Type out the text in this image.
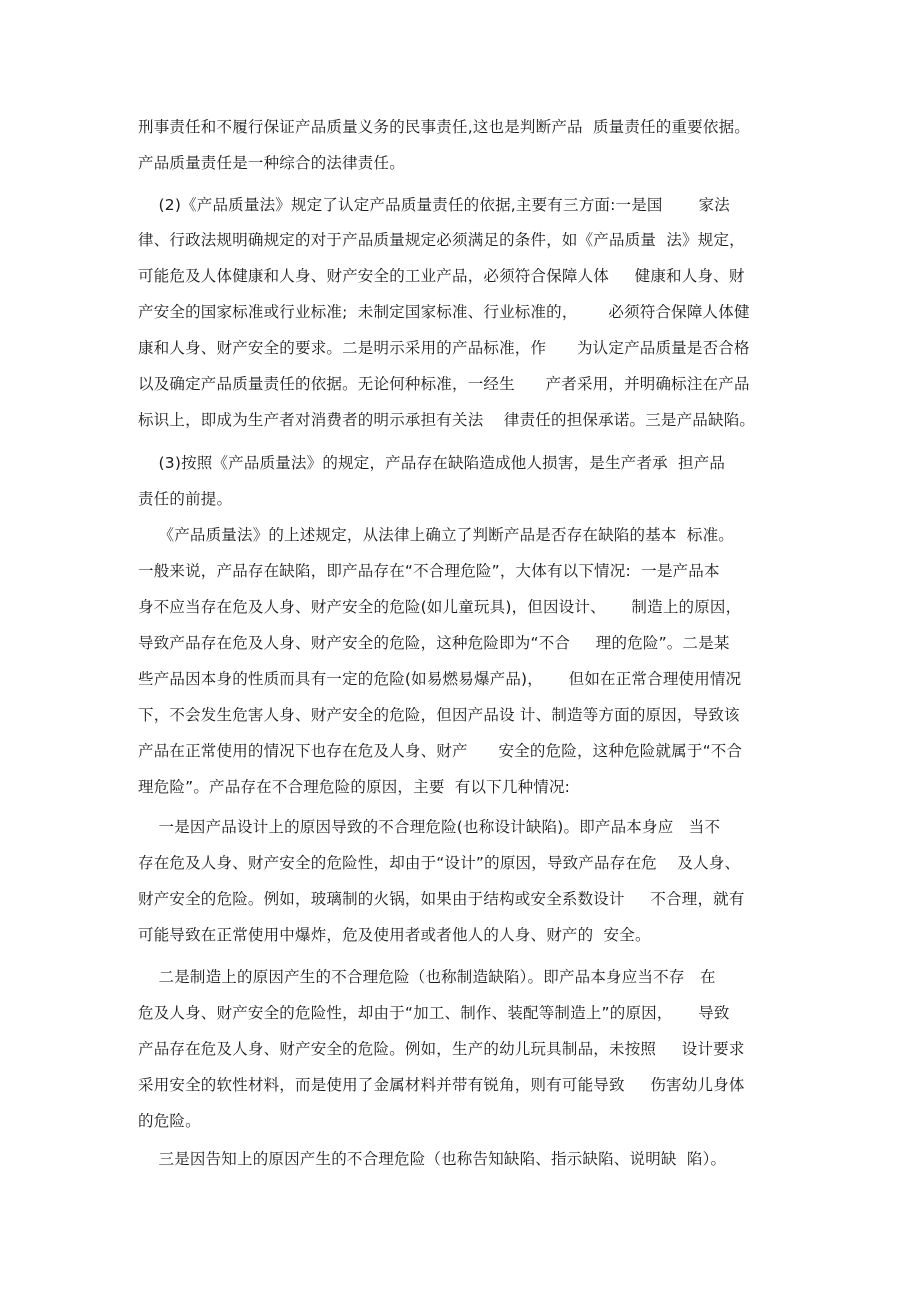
刑事责任和不履行保证产品质量义务的民事责任,这也是判断产品  质量责任的重要依据。
产品质量责任是一种综合的法律责任。
(2)《产品质量法》规定了认定产品质量责任的依据,主要有三方面:一是国       家法
律、行政法规明确规定的对于产品质量规定必须满足的条件，如《产品质量  法》规定，
可能危及人体健康和人身、财产安全的工业产品，必须符合保障人体     健康和人身、财
产安全的国家标准或行业标准;  未制定国家标准、行业标准的，      必须符合保障人体健
康和人身、财产安全的要求。二是明示采用的产品标准，作      为认定产品质量是否合格
以及确定产品质量责任的依据。无论何种标准，一经生      产者采用，并明确标注在产品
标识上，即成为生产者对消费者的明示承担有关法    律责任的担保承诺。三是产品缺陷。
(3)按照《产品质量法》的规定，产品存在缺陷造成他人损害，是生产者承  担产品
责任的前提。
《产品质量法》的上述规定，从法律上确立了判断产品是否存在缺陷的基本  标准。
一般来说，产品存在缺陷，即产品存在“不合理危险”，大体有以下情况:  一是产品本
身不应当存在危及人身、财产安全的危险(如儿童玩具)，但因设计、     制造上的原因，
导致产品存在危及人身、财产安全的危险，这种危险即为“不合     理的危险”。二是某
些产品因本身的性质而具有一定的危险(如易燃易爆产品)，     但如在正常合理使用情况
下，不会发生危害人身、财产安全的危险，但因产品设 计、制造等方面的原因，导致该
产品在正常使用的情况下也存在危及人身、财产      安全的危险，这种危险就属于“不合
理危险”。产品存在不合理危险的原因，主要  有以下几种情况:
一是因产品设计上的原因导致的不合理危险(也称设计缺陷)。即产品本身应   当不
存在危及人身、财产安全的危险性，却由于“设计”的原因，导致产品存在危    及人身、
财产安全的危险。例如，玻璃制的火锅，如果由于结构或安全系数设计     不合理，就有
可能导致在正常使用中爆炸，危及使用者或者他人的人身、财产的  安全。
二是制造上的原因产生的不合理危险（也称制造缺陷）。即产品本身应当不存   在
危及人身、财产安全的危险性，却由于“加工、制作、装配等制造上”的原因，     导致
产品存在危及人身、财产安全的危险。例如，生产的幼儿玩具制品，未按照     设计要求
采用安全的软性材料，而是使用了金属材料并带有锐角，则有可能导致     伤害幼儿身体
的危险。
三是因告知上的原因产生的不合理危险（也称告知缺陷、指示缺陷、说明缺  陷）。
